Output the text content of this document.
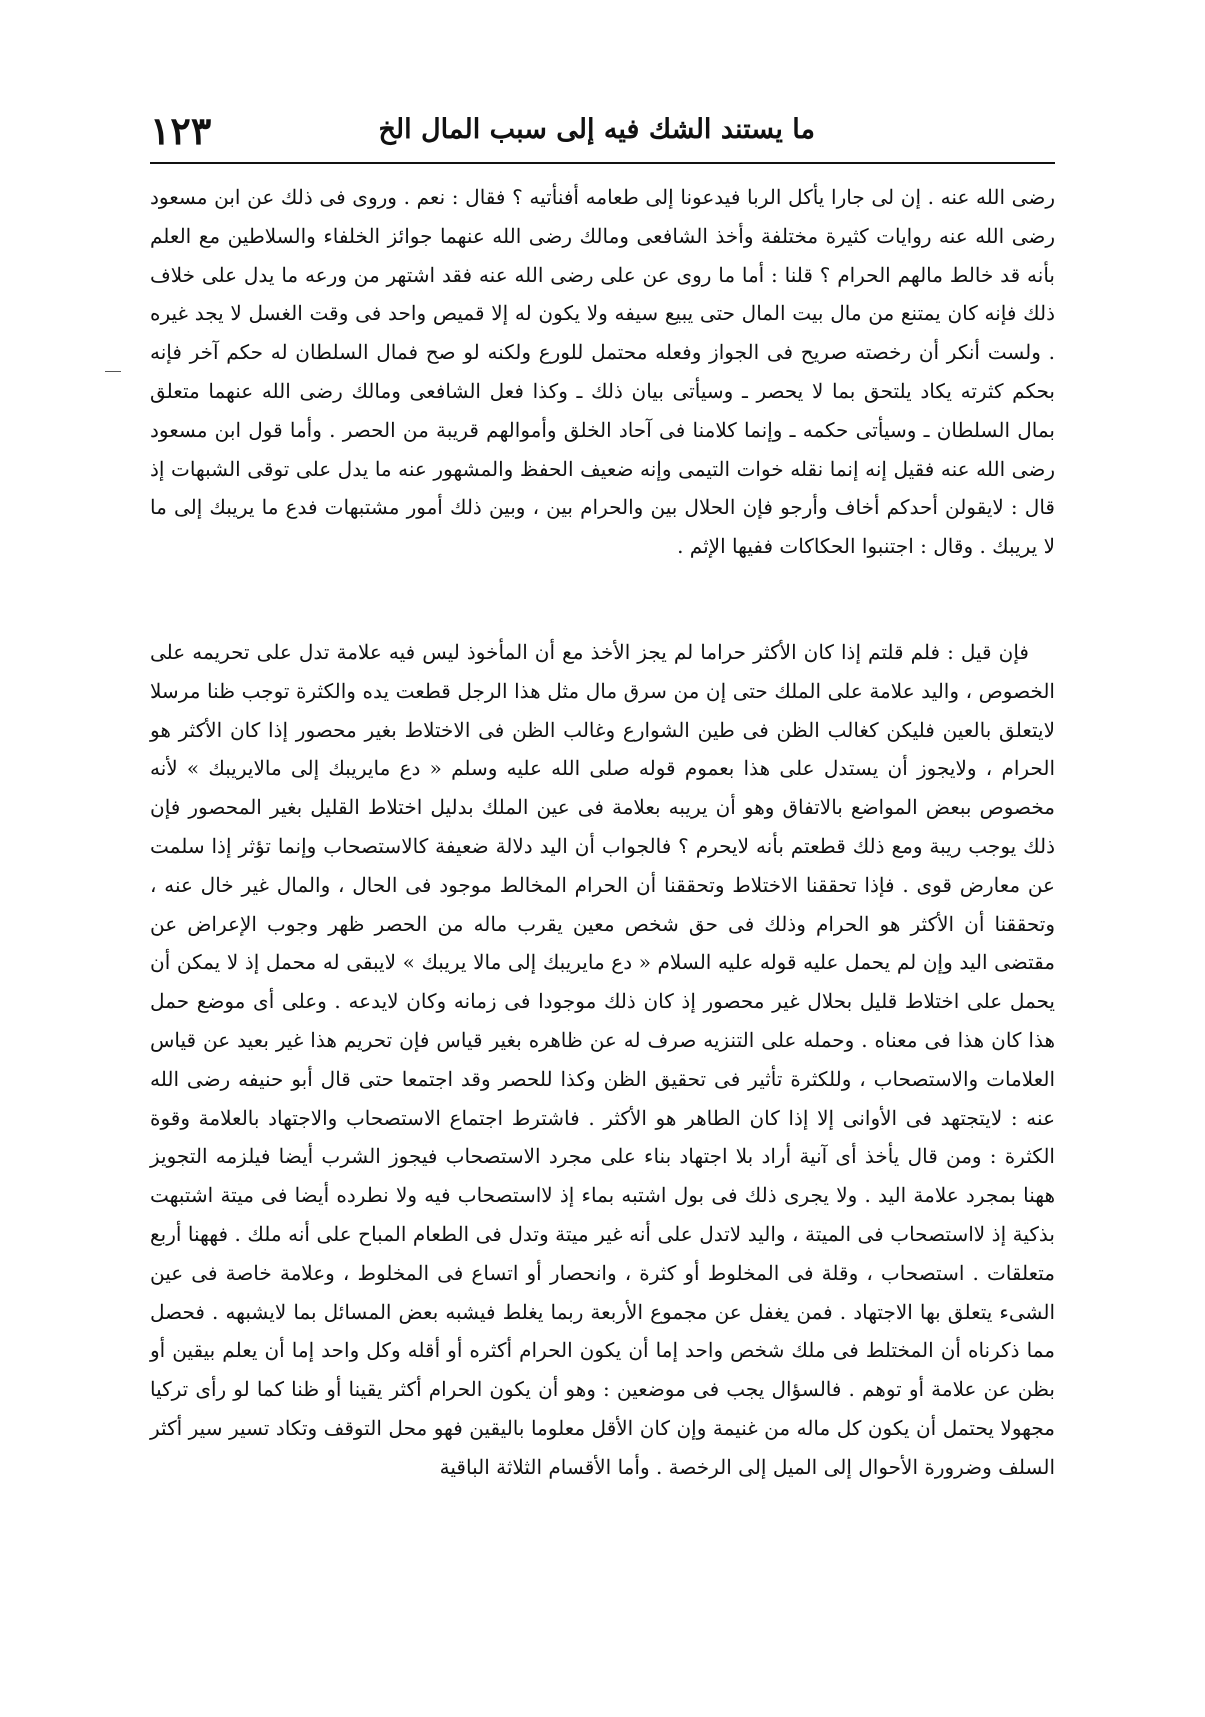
ما يستند الشك فيه إلى سبب المال الخ
١٢٣

رضى الله عنه . إن لى جارا يأكل الربا فيدعونا إلى طعامه أفنأتيه ؟ فقال : نعم . وروى فى ذلك عن ابن مسعود رضى الله عنه روايات كثيرة مختلفة وأخذ الشافعى ومالك رضى الله عنهما جوائز الخلفاء والسلاطين مع العلم بأنه قد خالط مالهم الحرام ؟ قلنا : أما ما روى عن على رضى الله عنه فقد اشتهر من ورعه ما يدل على خلاف ذلك فإنه كان يمتنع من مال بيت المال حتى يبيع سيفه ولا يكون له إلا قميص واحد فى وقت الغسل لا يجد غيره . ولست أنكر أن رخصته صريح فى الجواز وفعله محتمل للورع ولكنه لو صح فمال السلطان له حكم آخر فإنه بحكم كثرته يكاد يلتحق بما لا يحصر ـ وسيأتى بيان ذلك ـ وكذا فعل الشافعى ومالك رضى الله عنهما متعلق بمال السلطان ـ وسيأتى حكمه ـ وإنما كلامنا فى آحاد الخلق وأموالهم قريبة من الحصر . وأما قول ابن مسعود رضى الله عنه فقيل إنه إنما نقله خوات التيمى وإنه ضعيف الحفظ والمشهور عنه ما يدل على توقى الشبهات إذ قال : لايقولن أحدكم أخاف وأرجو فإن الحلال بين والحرام بين ، وبين ذلك أمور مشتبهات فدع ما يريبك إلى ما لا يريبك . وقال : اجتنبوا الحكاكات ففيها الإثم .

فإن قيل : فلم قلتم إذا كان الأكثر حراما لم يجز الأخذ مع أن المأخوذ ليس فيه علامة تدل على تحريمه على الخصوص ، واليد علامة على الملك حتى إن من سرق مال مثل هذا الرجل قطعت يده والكثرة توجب ظنا مرسلا لايتعلق بالعين فليكن كغالب الظن فى طين الشوارع وغالب الظن فى الاختلاط بغير محصور إذا كان الأكثر هو الحرام ، ولايجوز أن يستدل على هذا بعموم قوله صلى الله عليه وسلم « دع مايريبك إلى مالايريبك » لأنه مخصوص ببعض المواضع بالاتفاق وهو أن يريبه بعلامة فى عين الملك بدليل اختلاط القليل بغير المحصور فإن ذلك يوجب ريبة ومع ذلك قطعتم بأنه لايحرم ؟ فالجواب أن اليد دلالة ضعيفة كالاستصحاب وإنما تؤثر إذا سلمت عن معارض قوى . فإذا تحققنا الاختلاط وتحققنا أن الحرام المخالط موجود فى الحال ، والمال غير خال عنه ، وتحققنا أن الأكثر هو الحرام وذلك فى حق شخص معين يقرب ماله من الحصر ظهر وجوب الإعراض عن مقتضى اليد وإن لم يحمل عليه قوله عليه السلام « دع مايريبك إلى مالا يريبك » لايبقى له محمل إذ لا يمكن أن يحمل على اختلاط قليل بحلال غير محصور إذ كان ذلك موجودا فى زمانه وكان لايدعه . وعلى أى موضع حمل هذا كان هذا فى معناه . وحمله على التنزيه صرف له عن ظاهره بغير قياس فإن تحريم هذا غير بعيد عن قياس العلامات والاستصحاب ، وللكثرة تأثير فى تحقيق الظن وكذا للحصر وقد اجتمعا حتى قال أبو حنيفه رضى الله عنه : لايتجتهد فى الأوانى إلا إذا كان الطاهر هو الأكثر . فاشترط اجتماع الاستصحاب والاجتهاد بالعلامة وقوة الكثرة : ومن قال يأخذ أى آنية أراد بلا اجتهاد بناء على مجرد الاستصحاب فيجوز الشرب أيضا فيلزمه التجويز ههنا بمجرد علامة اليد . ولا يجرى ذلك فى بول اشتبه بماء إذ لااستصحاب فيه ولا نطرده أيضا فى ميتة اشتبهت بذكية إذ لااستصحاب فى الميتة ، واليد لاتدل على أنه غير ميتة وتدل فى الطعام المباح على أنه ملك . فههنا أربع متعلقات . استصحاب ، وقلة فى المخلوط أو كثرة ، وانحصار أو اتساع فى المخلوط ، وعلامة خاصة فى عين الشىء يتعلق بها الاجتهاد . فمن يغفل عن مجموع الأربعة ربما يغلط فيشبه بعض المسائل بما لايشبهه . فحصل مما ذكرناه أن المختلط فى ملك شخص واحد إما أن يكون الحرام أكثره أو أقله وكل واحد إما أن يعلم بيقين أو بظن عن علامة أو توهم . فالسؤال يجب فى موضعين : وهو أن يكون الحرام أكثر يقينا أو ظنا كما لو رأى تركيا مجهولا يحتمل أن يكون كل ماله من غنيمة وإن كان الأقل معلوما باليقين فهو محل التوقف وتكاد تسير سير أكثر السلف وضرورة الأحوال إلى الميل إلى الرخصة . وأما الأقسام الثلاثة الباقية
